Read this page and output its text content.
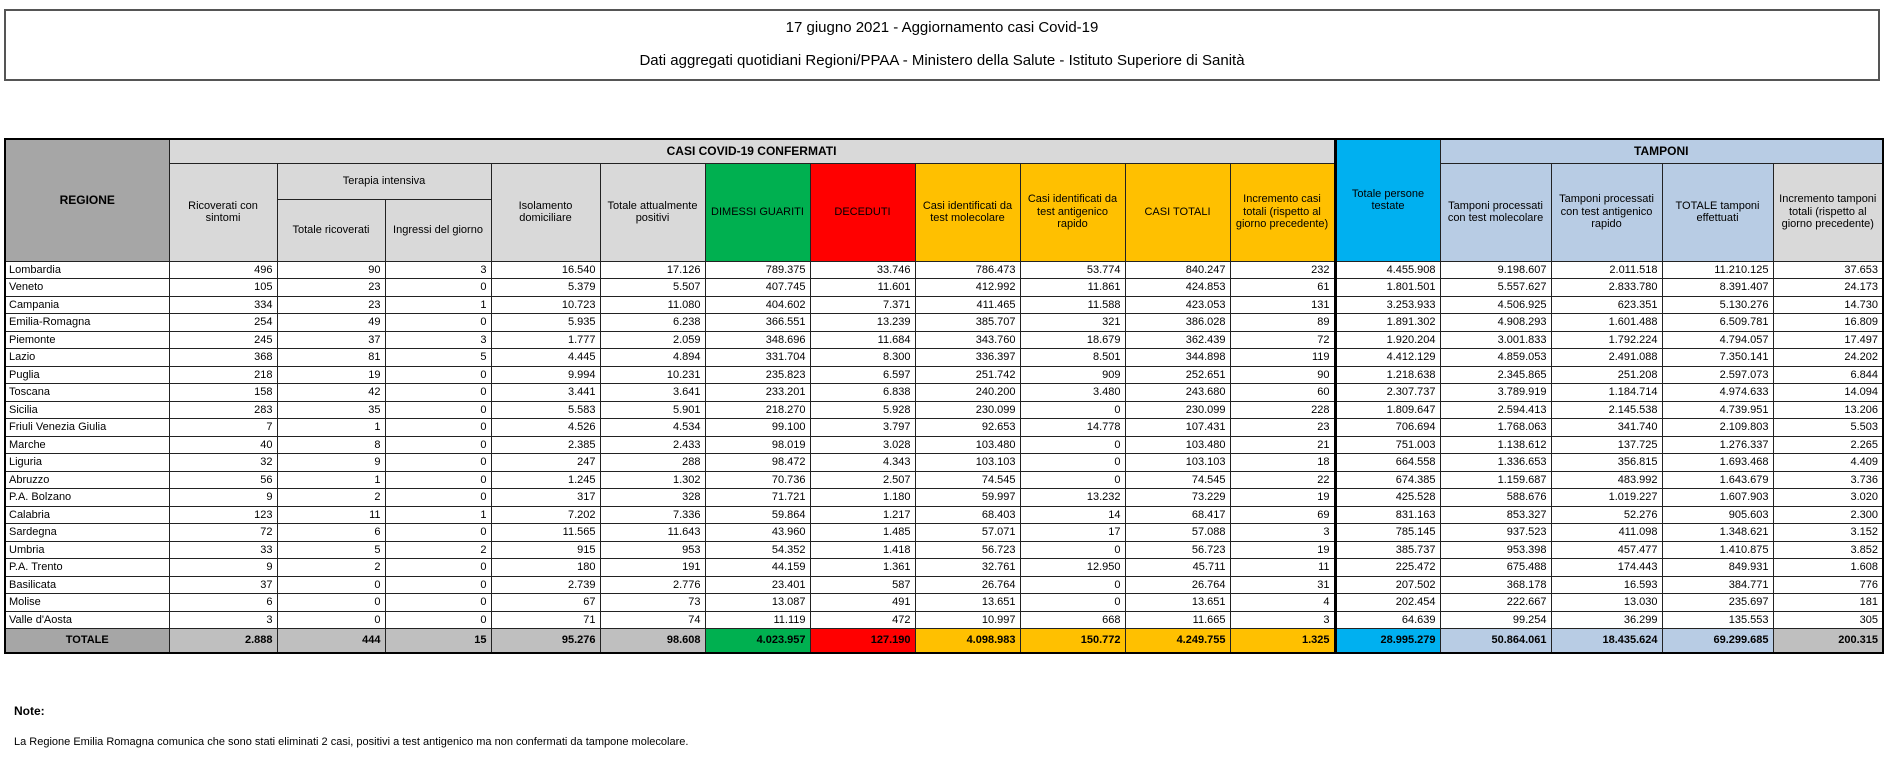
17 giugno 2021 - Aggiornamento casi Covid-19
Dati aggregati quotidiani Regioni/PPAA - Ministero della Salute - Istituto Superiore di Sanità
REGIONE	CASI COVID-19 CONFERMATI											Totale persone testate	TAMPONI			
	Ricoverati con sintomi	Terapia intensiva		Isolamento domiciliare	Totale attualmente positivi	DIMESSI GUARITI	DECEDUTI	Casi identificati da test molecolare	Casi identificati da test antigenico rapido	CASI TOTALI	Incremento casi totali (rispetto al giorno precedente)		Tamponi processati con test molecolare	Tamponi processati con test antigenico rapido	TOTALE tamponi effettuati	Incremento tamponi totali (rispetto al giorno precedente)
		Totale ricoverati	Ingressi del giorno													
Lombardia	496	90	3	16.540	17.126	789.375	33.746	786.473	53.774	840.247	232	4.455.908	9.198.607	2.011.518	11.210.125	37.653
Veneto	105	23	0	5.379	5.507	407.745	11.601	412.992	11.861	424.853	61	1.801.501	5.557.627	2.833.780	8.391.407	24.173
Campania	334	23	1	10.723	11.080	404.602	7.371	411.465	11.588	423.053	131	3.253.933	4.506.925	623.351	5.130.276	14.730
Emilia-Romagna	254	49	0	5.935	6.238	366.551	13.239	385.707	321	386.028	89	1.891.302	4.908.293	1.601.488	6.509.781	16.809
Piemonte	245	37	3	1.777	2.059	348.696	11.684	343.760	18.679	362.439	72	1.920.204	3.001.833	1.792.224	4.794.057	17.497
Lazio	368	81	5	4.445	4.894	331.704	8.300	336.397	8.501	344.898	119	4.412.129	4.859.053	2.491.088	7.350.141	24.202
Puglia	218	19	0	9.994	10.231	235.823	6.597	251.742	909	252.651	90	1.218.638	2.345.865	251.208	2.597.073	6.844
Toscana	158	42	0	3.441	3.641	233.201	6.838	240.200	3.480	243.680	60	2.307.737	3.789.919	1.184.714	4.974.633	14.094
Sicilia	283	35	0	5.583	5.901	218.270	5.928	230.099	0	230.099	228	1.809.647	2.594.413	2.145.538	4.739.951	13.206
Friuli Venezia Giulia	7	1	0	4.526	4.534	99.100	3.797	92.653	14.778	107.431	23	706.694	1.768.063	341.740	2.109.803	5.503
Marche	40	8	0	2.385	2.433	98.019	3.028	103.480	0	103.480	21	751.003	1.138.612	137.725	1.276.337	2.265
Liguria	32	9	0	247	288	98.472	4.343	103.103	0	103.103	18	664.558	1.336.653	356.815	1.693.468	4.409
Abruzzo	56	1	0	1.245	1.302	70.736	2.507	74.545	0	74.545	22	674.385	1.159.687	483.992	1.643.679	3.736
P.A. Bolzano	9	2	0	317	328	71.721	1.180	59.997	13.232	73.229	19	425.528	588.676	1.019.227	1.607.903	3.020
Calabria	123	11	1	7.202	7.336	59.864	1.217	68.403	14	68.417	69	831.163	853.327	52.276	905.603	2.300
Sardegna	72	6	0	11.565	11.643	43.960	1.485	57.071	17	57.088	3	785.145	937.523	411.098	1.348.621	3.152
Umbria	33	5	2	915	953	54.352	1.418	56.723	0	56.723	19	385.737	953.398	457.477	1.410.875	3.852
P.A. Trento	9	2	0	180	191	44.159	1.361	32.761	12.950	45.711	11	225.472	675.488	174.443	849.931	1.608
Basilicata	37	0	0	2.739	2.776	23.401	587	26.764	0	26.764	31	207.502	368.178	16.593	384.771	776
Molise	6	0	0	67	73	13.087	491	13.651	0	13.651	4	202.454	222.667	13.030	235.697	181
Valle d'Aosta	3	0	0	71	74	11.119	472	10.997	668	11.665	3	64.639	99.254	36.299	135.553	305
TOTALE	2.888	444	15	95.276	98.608	4.023.957	127.190	4.098.983	150.772	4.249.755	1.325	28.995.279	50.864.061	18.435.624	69.299.685	200.315
Note:
La Regione Emilia Romagna comunica che sono stati eliminati 2 casi, positivi a test antigenico ma non confermati da tampone molecolare.
